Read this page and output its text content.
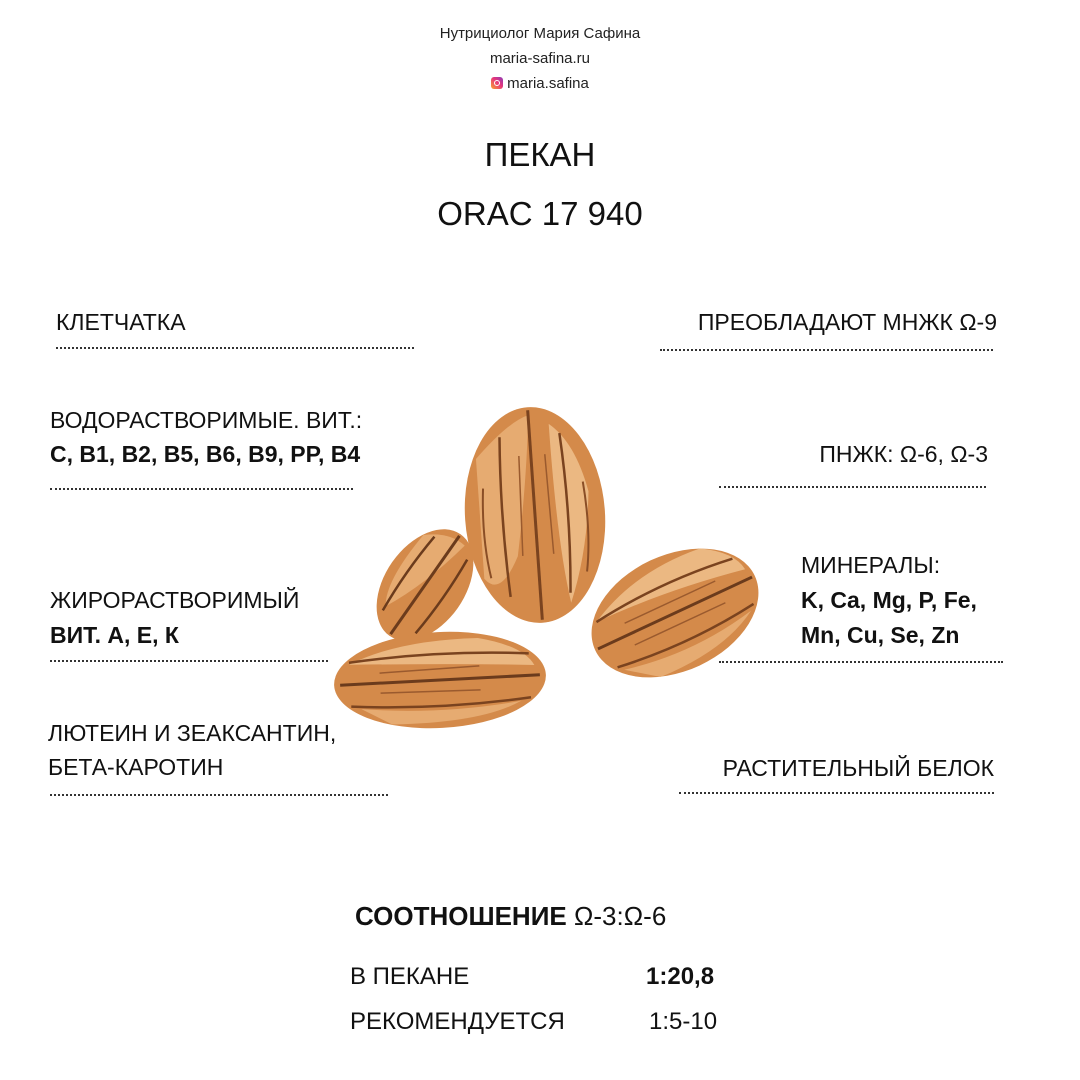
Нутрициолог Мария Сафина
maria-safina.ru
maria.safina
ПЕКАН
ORAC 17 940
КЛЕТЧАТКА
ВОДОРАСТВОРИМЫЕ. ВИТ.:
C, B1, B2, B5, B6, B9, PP, B4
ЖИРОРАСТВОРИМЫЙ
ВИТ. А, Е, К
ЛЮТЕИН И ЗЕАКСАНТИН,
БЕТА-КАРОТИН
ПРЕОБЛАДАЮТ МНЖК Ω-9
ПНЖК: Ω-6, Ω-3
МИНЕРАЛЫ:
K, Ca, Mg, P, Fe,
Mn, Cu, Se, Zn
РАСТИТЕЛЬНЫЙ БЕЛОК
СООТНОШЕНИЕ Ω-3:Ω-6
В ПЕКАНЕ	1:20,8
РЕКОМЕНДУЕТСЯ	1:5-10
